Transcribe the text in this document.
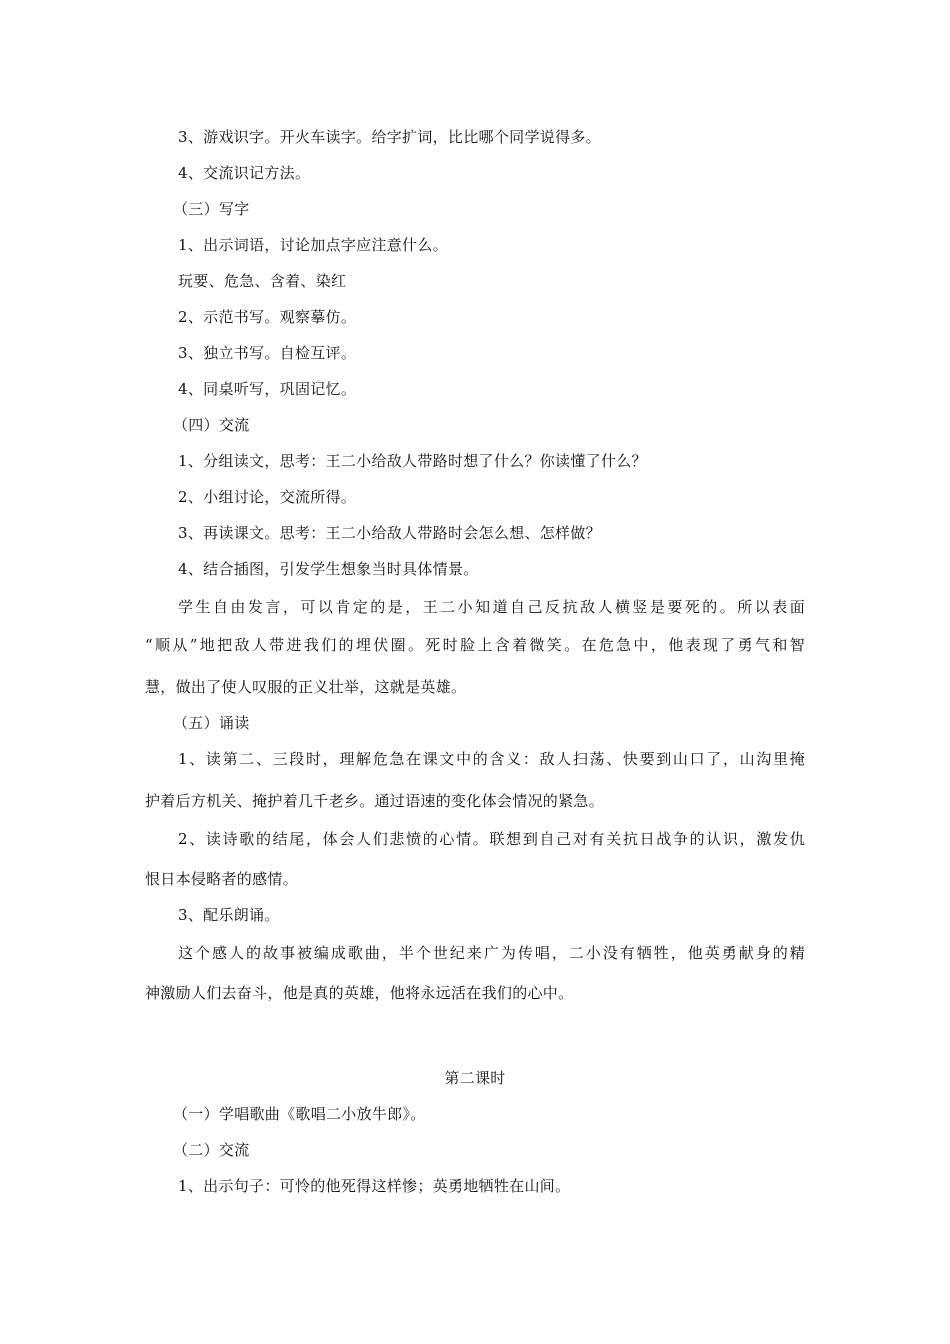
3、游戏识字。开火车读字。给字扩词，比比哪个同学说得多。
4、交流识记方法。
（三）写字
1、出示词语，讨论加点字应注意什么。
玩要、危急、含着、染红
2、示范书写。观察摹仿。
3、独立书写。自检互评。
4、同桌听写，巩固记忆。
（四）交流
1、分组读文，思考：王二小给敌人带路时想了什么？你读懂了什么？
2、小组讨论，交流所得。
3、再读课文。思考：王二小给敌人带路时会怎么想、怎样做？
4、结合插图，引发学生想象当时具体情景。
学生自由发言，可以肯定的是，王二小知道自己反抗敌人横竖是要死的。所以表面
“顺从”地把敌人带进我们的埋伏圈。死时脸上含着微笑。在危急中，他表现了勇气和智
慧，做出了使人叹服的正义壮举，这就是英雄。
（五）诵读
1、读第二、三段时，理解危急在课文中的含义：敌人扫荡、快要到山口了，山沟里掩
护着后方机关、掩护着几千老乡。通过语速的变化体会情况的紧急。
2、读诗歌的结尾，体会人们悲愤的心情。联想到自己对有关抗日战争的认识，激发仇
恨日本侵略者的感情。
3、配乐朗诵。
这个感人的故事被编成歌曲，半个世纪来广为传唱，二小没有牺牲，他英勇献身的精
神激励人们去奋斗，他是真的英雄，他将永远活在我们的心中。
第二课时
（一）学唱歌曲《歌唱二小放牛郎》。
（二）交流
1、出示句子：可怜的他死得这样惨；英勇地牺牲在山间。
